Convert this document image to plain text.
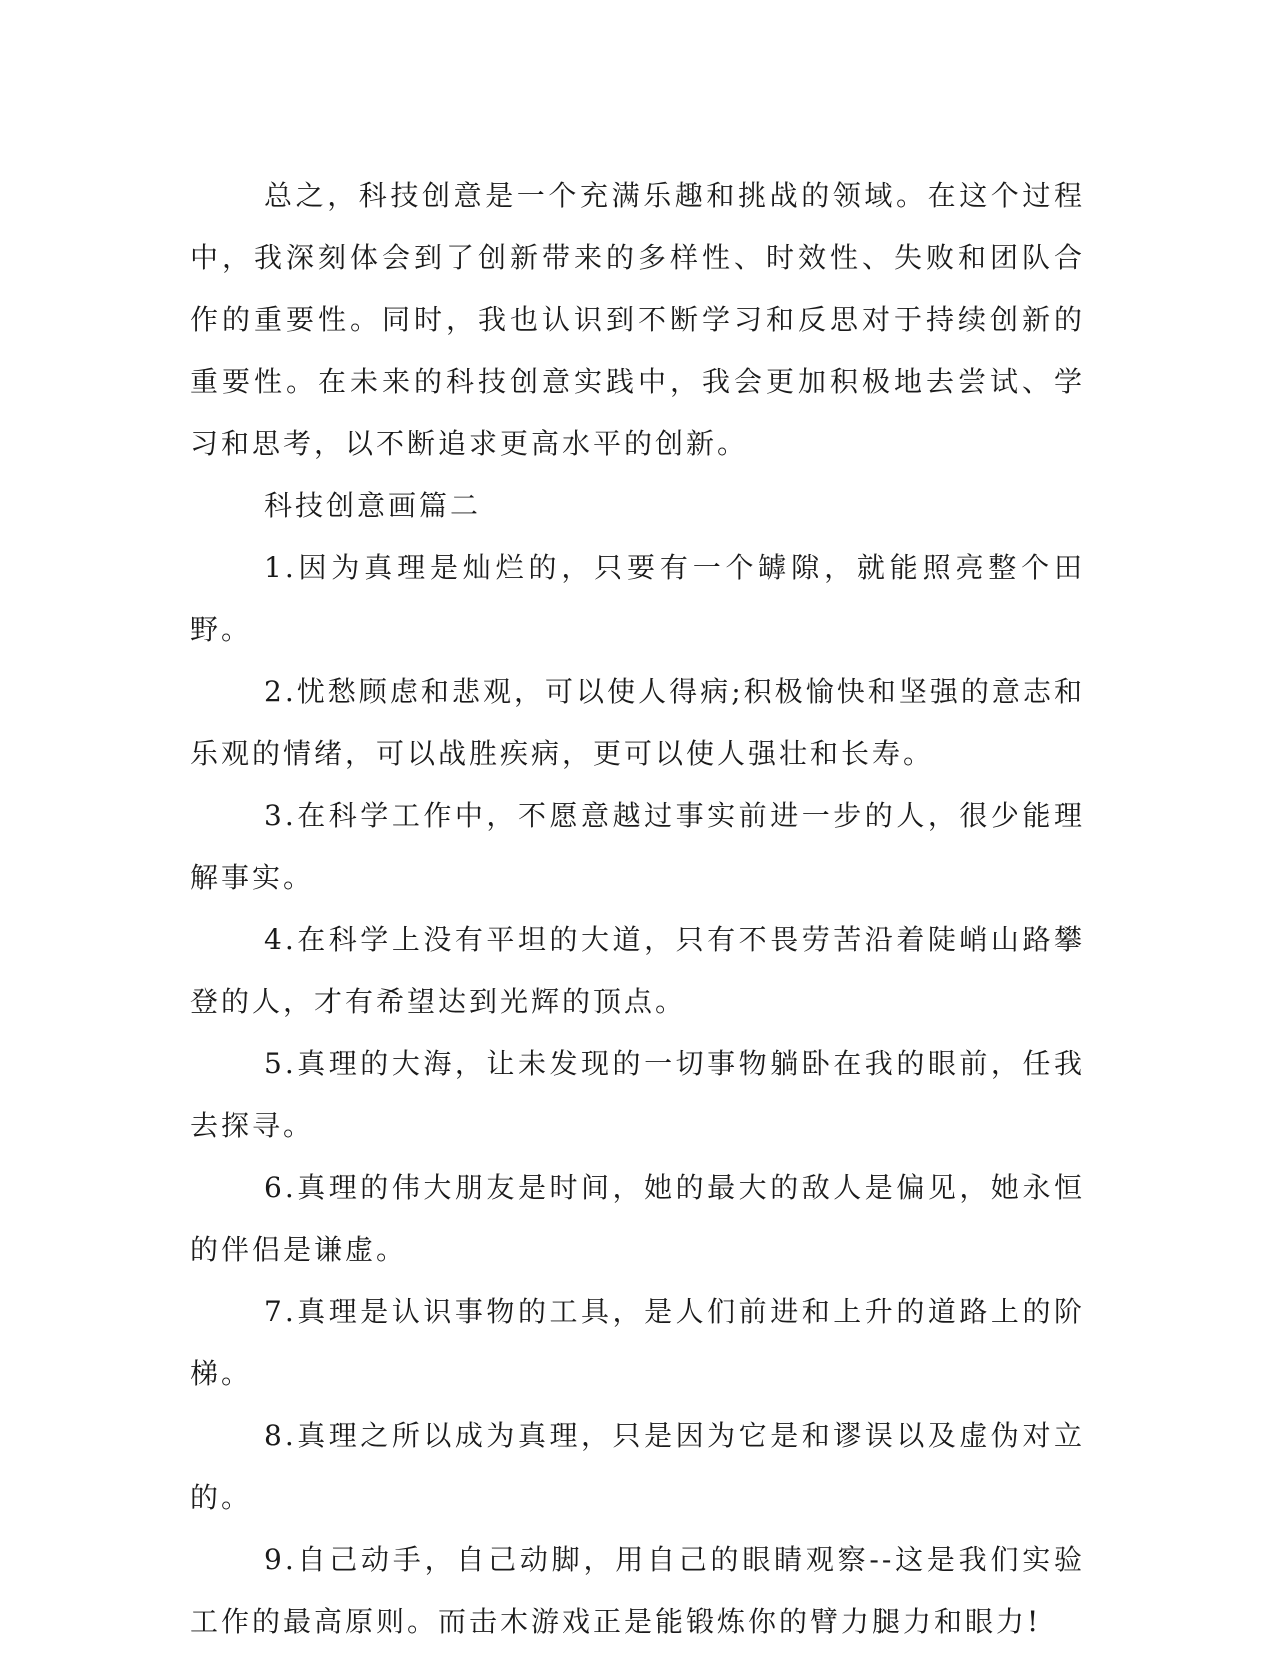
总之，科技创意是一个充满乐趣和挑战的领域。在这个过程中，我深刻体会到了创新带来的多样性、时效性、失败和团队合作的重要性。同时，我也认识到不断学习和反思对于持续创新的重要性。在未来的科技创意实践中，我会更加积极地去尝试、学习和思考，以不断追求更高水平的创新。

科技创意画篇二

1.因为真理是灿烂的，只要有一个罅隙，就能照亮整个田野。

2.忧愁顾虑和悲观，可以使人得病;积极愉快和坚强的意志和乐观的情绪，可以战胜疾病，更可以使人强壮和长寿。

3.在科学工作中，不愿意越过事实前进一步的人，很少能理解事实。

4.在科学上没有平坦的大道，只有不畏劳苦沿着陡峭山路攀登的人，才有希望达到光辉的顶点。

5.真理的大海，让未发现的一切事物躺卧在我的眼前，任我去探寻。

6.真理的伟大朋友是时间，她的最大的敌人是偏见，她永恒的伴侣是谦虚。

7.真理是认识事物的工具，是人们前进和上升的道路上的阶梯。

8.真理之所以成为真理，只是因为它是和谬误以及虚伪对立的。

9.自己动手，自己动脚，用自己的眼睛观察--这是我们实验工作的最高原则。而击木游戏正是能锻炼你的臂力腿力和眼力!
